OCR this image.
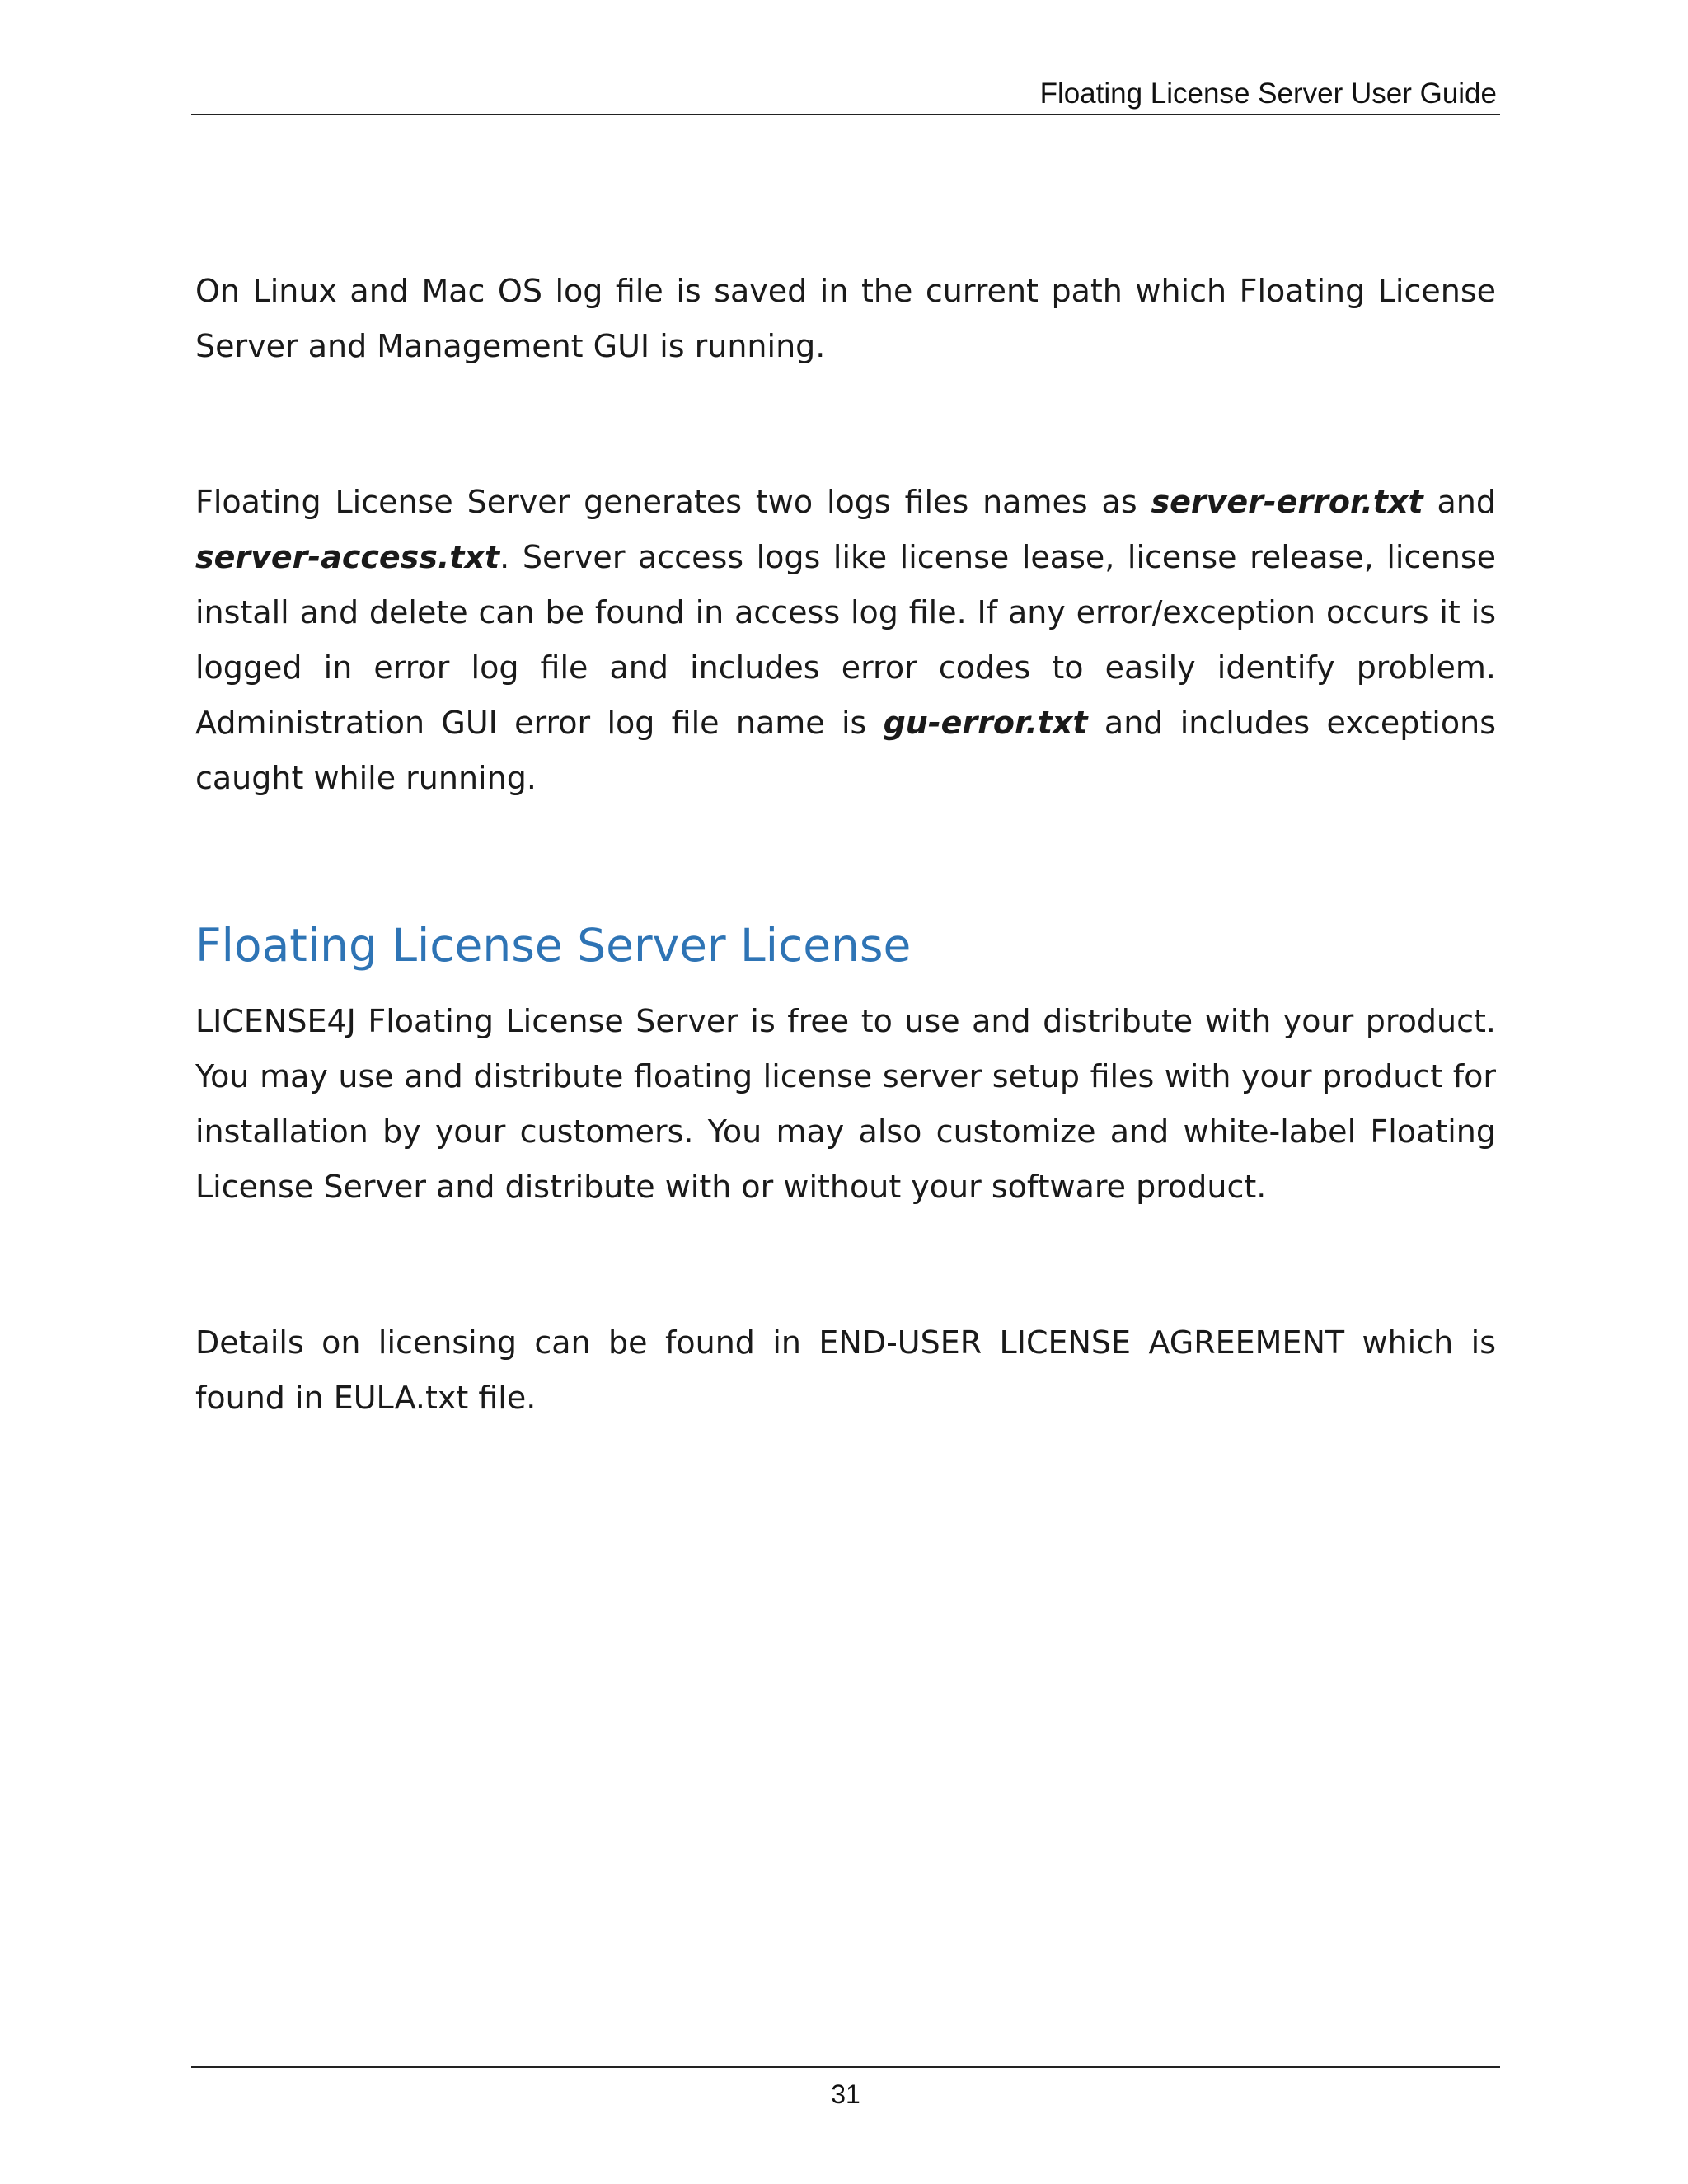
Floating License Server User Guide

On Linux and Mac OS log file is saved in the current path which Floating License Server and Management GUI is running.

Floating License Server generates two logs files names as server-error.txt and server-access.txt. Server access logs like license lease, license release, license install and delete can be found in access log file. If any error/exception occurs it is logged in error log file and includes error codes to easily identify problem. Administration GUI error log file name is gu-error.txt and includes exceptions caught while running.

Floating License Server License

LICENSE4J Floating License Server is free to use and distribute with your product. You may use and distribute floating license server setup files with your product for installation by your customers. You may also customize and white-label Floating License Server and distribute with or without your software product.

Details on licensing can be found in END-USER LICENSE AGREEMENT which is found in EULA.txt file.

31
